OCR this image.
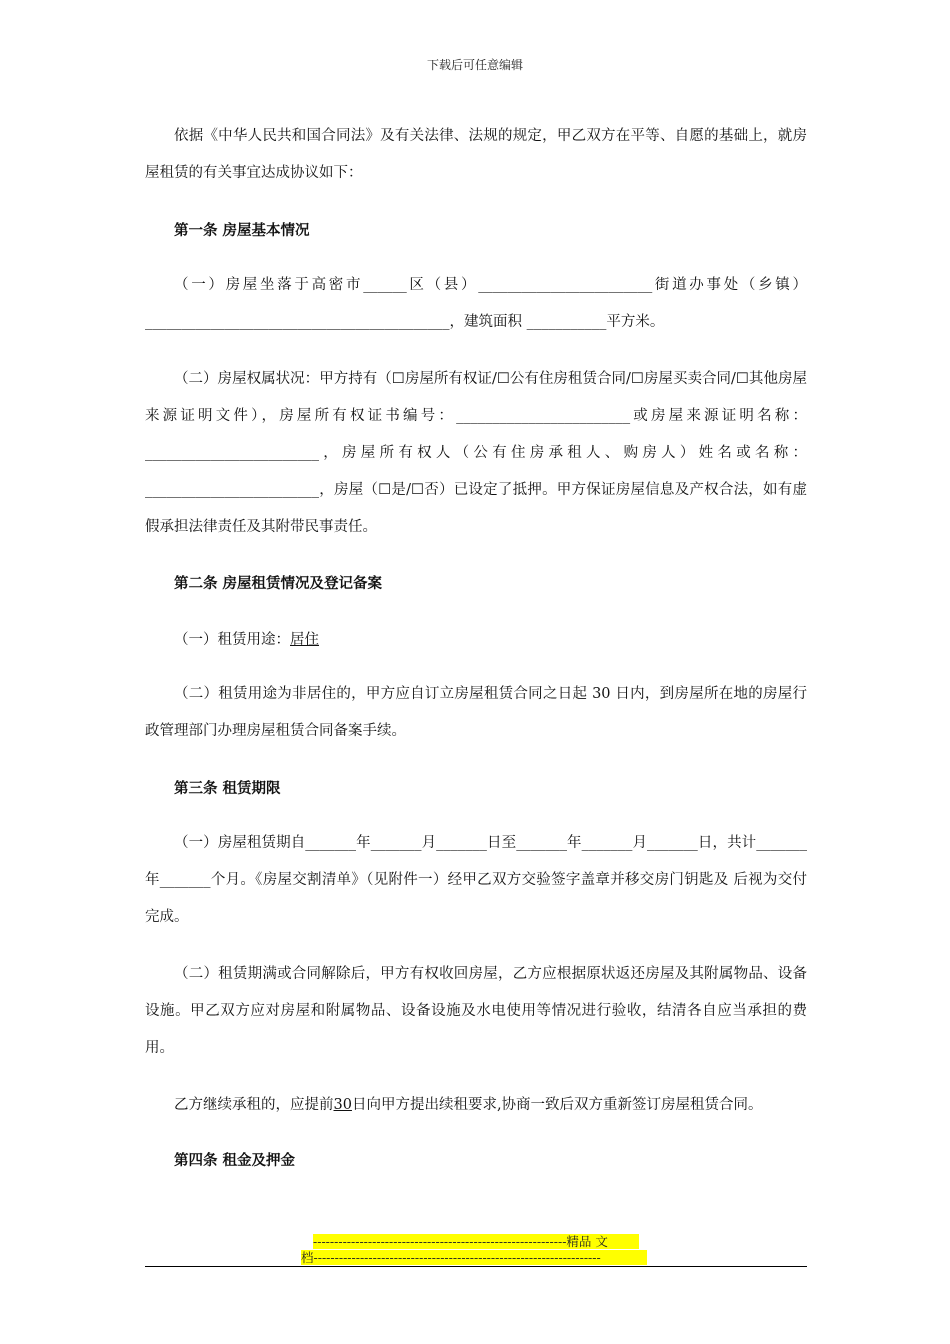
下载后可任意编辑
依据《中华人民共和国合同法》及有关法律、法规的规定，甲乙双方在平等、自愿的基础上，就房屋租赁的有关事宜达成协议如下：
第一条 房屋基本情况
（一）房屋坐落于高密市______区（县）________________________街道办事处（乡镇）__________________________________________，建筑面积 ___________平方米。
（二）房屋权属状况：甲方持有（☐房屋所有权证/☐公有住房租赁合同/☐房屋买卖合同/☐其他房屋来源证明文件），房屋所有权证书编号：________________________或房屋来源证明名称：________________________，房屋所有权人（公有住房承租人、购房人）姓名或名称：________________________，房屋（☐是/☐否）已设定了抵押。甲方保证房屋信息及产权合法，如有虚假承担法律责任及其附带民事责任。
第二条 房屋租赁情况及登记备案
（一）租赁用途：居住
（二）租赁用途为非居住的，甲方应自订立房屋租赁合同之日起 30 日内，到房屋所在地的房屋行政管理部门办理房屋租赁合同备案手续。
第三条 租赁期限
（一）房屋租赁期自_______年_______月_______日至_______年_______月_______日，共计_______ 年_______个月。《房屋交割清单》（见附件一）经甲乙双方交验签字盖章并移交房门钥匙及 后视为交付完成。
（二）租赁期满或合同解除后，甲方有权收回房屋，乙方应根据原状返还房屋及其附属物品、设备设施。甲乙双方应对房屋和附属物品、设备设施及水电使用等情况进行验收，结清各自应当承担的费用。
乙方继续承租的，应提前30日向甲方提出续租要求,协商一致后双方重新签订房屋租赁合同。
第四条 租金及押金
------------------------------------------------------------精品 文
档--------------------------------------------------------------------
